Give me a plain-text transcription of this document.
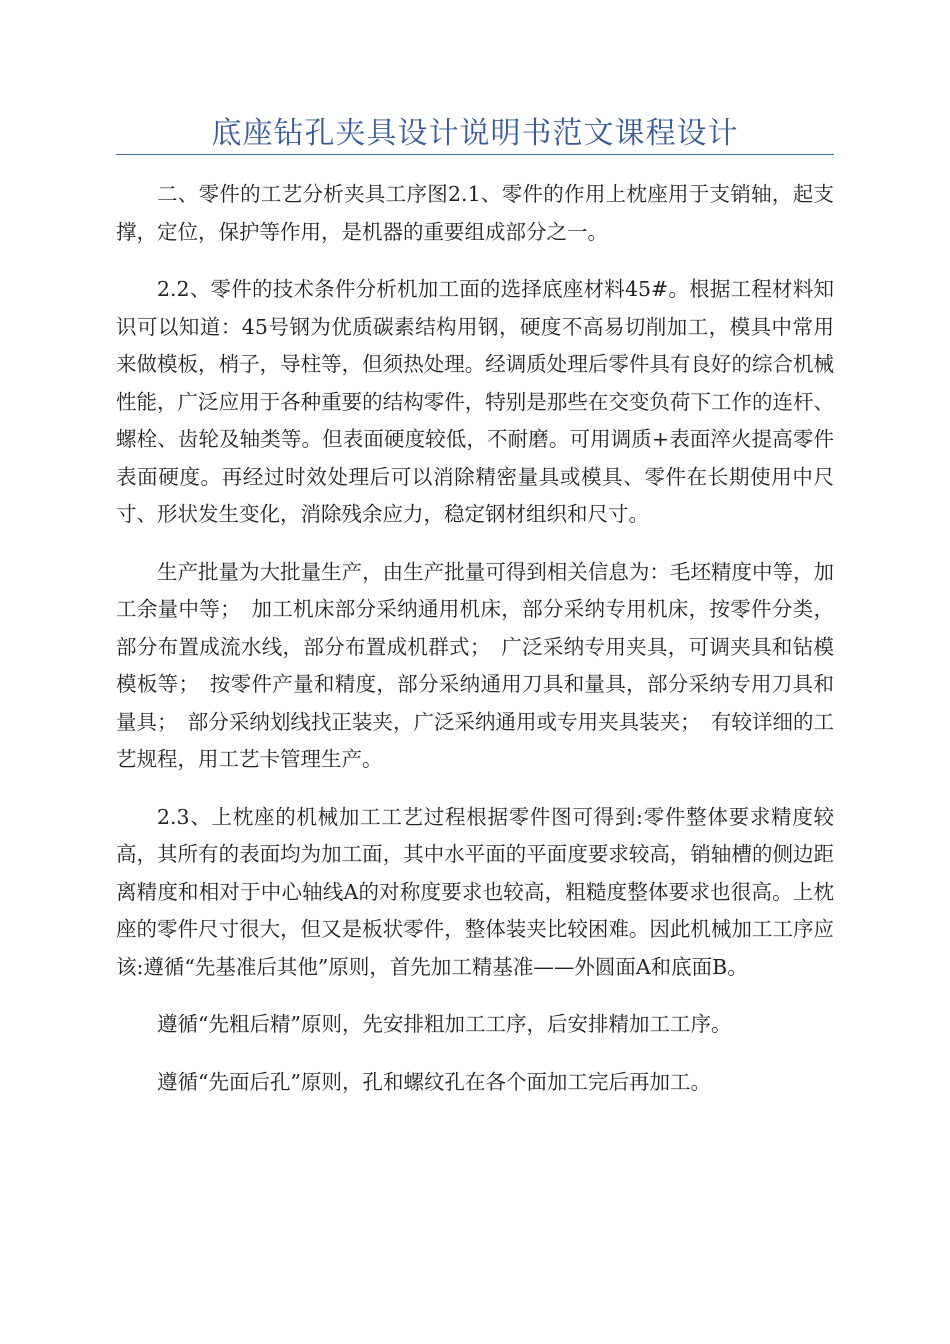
底座钻孔夹具设计说明书范文课程设计

二、零件的工艺分析夹具工序图2.1、零件的作用上枕座用于支销轴，起支撑，定位，保护等作用，是机器的重要组成部分之一。

2.2、零件的技术条件分析机加工面的选择底座材料45#。根据工程材料知识可以知道：45号钢为优质碳素结构用钢，硬度不高易切削加工，模具中常用来做模板，梢子，导柱等，但须热处理。经调质处理后零件具有良好的综合机械性能，广泛应用于各种重要的结构零件，特别是那些在交变负荷下工作的连杆、螺栓、齿轮及轴类等。但表面硬度较低，不耐磨。可用调质+表面淬火提高零件表面硬度。再经过时效处理后可以消除精密量具或模具、零件在长期使用中尺寸、形状发生变化，消除残余应力，稳定钢材组织和尺寸。

生产批量为大批量生产，由生产批量可得到相关信息为：毛坯精度中等，加工余量中等；　加工机床部分采纳通用机床，部分采纳专用机床，按零件分类，部分布置成流水线，部分布置成机群式；　广泛采纳专用夹具，可调夹具和钻模模板等；　按零件产量和精度，部分采纳通用刀具和量具，部分采纳专用刀具和量具；　部分采纳划线找正装夹，广泛采纳通用或专用夹具装夹；　有较详细的工艺规程，用工艺卡管理生产。

2.3、上枕座的机械加工工艺过程根据零件图可得到:零件整体要求精度较高，其所有的表面均为加工面，其中水平面的平面度要求较高，销轴槽的侧边距离精度和相对于中心轴线A的对称度要求也较高，粗糙度整体要求也很高。上枕座的零件尺寸很大，但又是板状零件，整体装夹比较困难。因此机械加工工序应该:遵循“先基准后其他”原则，首先加工精基准——外圆面A和底面B。

遵循“先粗后精”原则，先安排粗加工工序，后安排精加工工序。

遵循“先面后孔”原则，孔和螺纹孔在各个面加工完后再加工。
